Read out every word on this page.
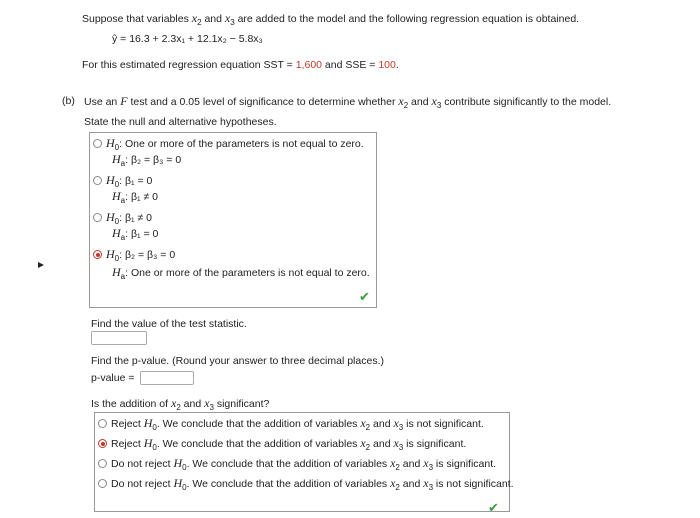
Suppose that variables $x_2$ and $x_3$ are added to the model and the following regression equation is obtained.
ŷ = 16.3 + 2.3x₁ + 12.1x₂ − 5.8x₃
For this estimated regression equation SST = 1,600 and SSE = 100.
(b) Use an F test and a 0.05 level of significance to determine whether $x_2$ and $x_3$ contribute significantly to the model.
State the null and alternative hypotheses.
$H_0$: One or more of the parameters is not equal to zero.
$H_a$: β₂ = β₃ = 0
$H_0$: β₁ = 0
$H_a$: β₁ ≠ 0
$H_0$: β₁ ≠ 0
$H_a$: β₁ = 0
$H_0$: β₂ = β₃ = 0
$H_a$: One or more of the parameters is not equal to zero.
✔
Find the value of the test statistic.
Find the p-value. (Round your answer to three decimal places.)
p-value =
Is the addition of $x_2$ and $x_3$ significant?
Reject $H_0$. We conclude that the addition of variables $x_2$ and $x_3$ is not significant.
Reject $H_0$. We conclude that the addition of variables $x_2$ and $x_3$ is significant.
Do not reject $H_0$. We conclude that the addition of variables $x_2$ and $x_3$ is significant.
Do not reject $H_0$. We conclude that the addition of variables $x_2$ and $x_3$ is not significant.
✔
